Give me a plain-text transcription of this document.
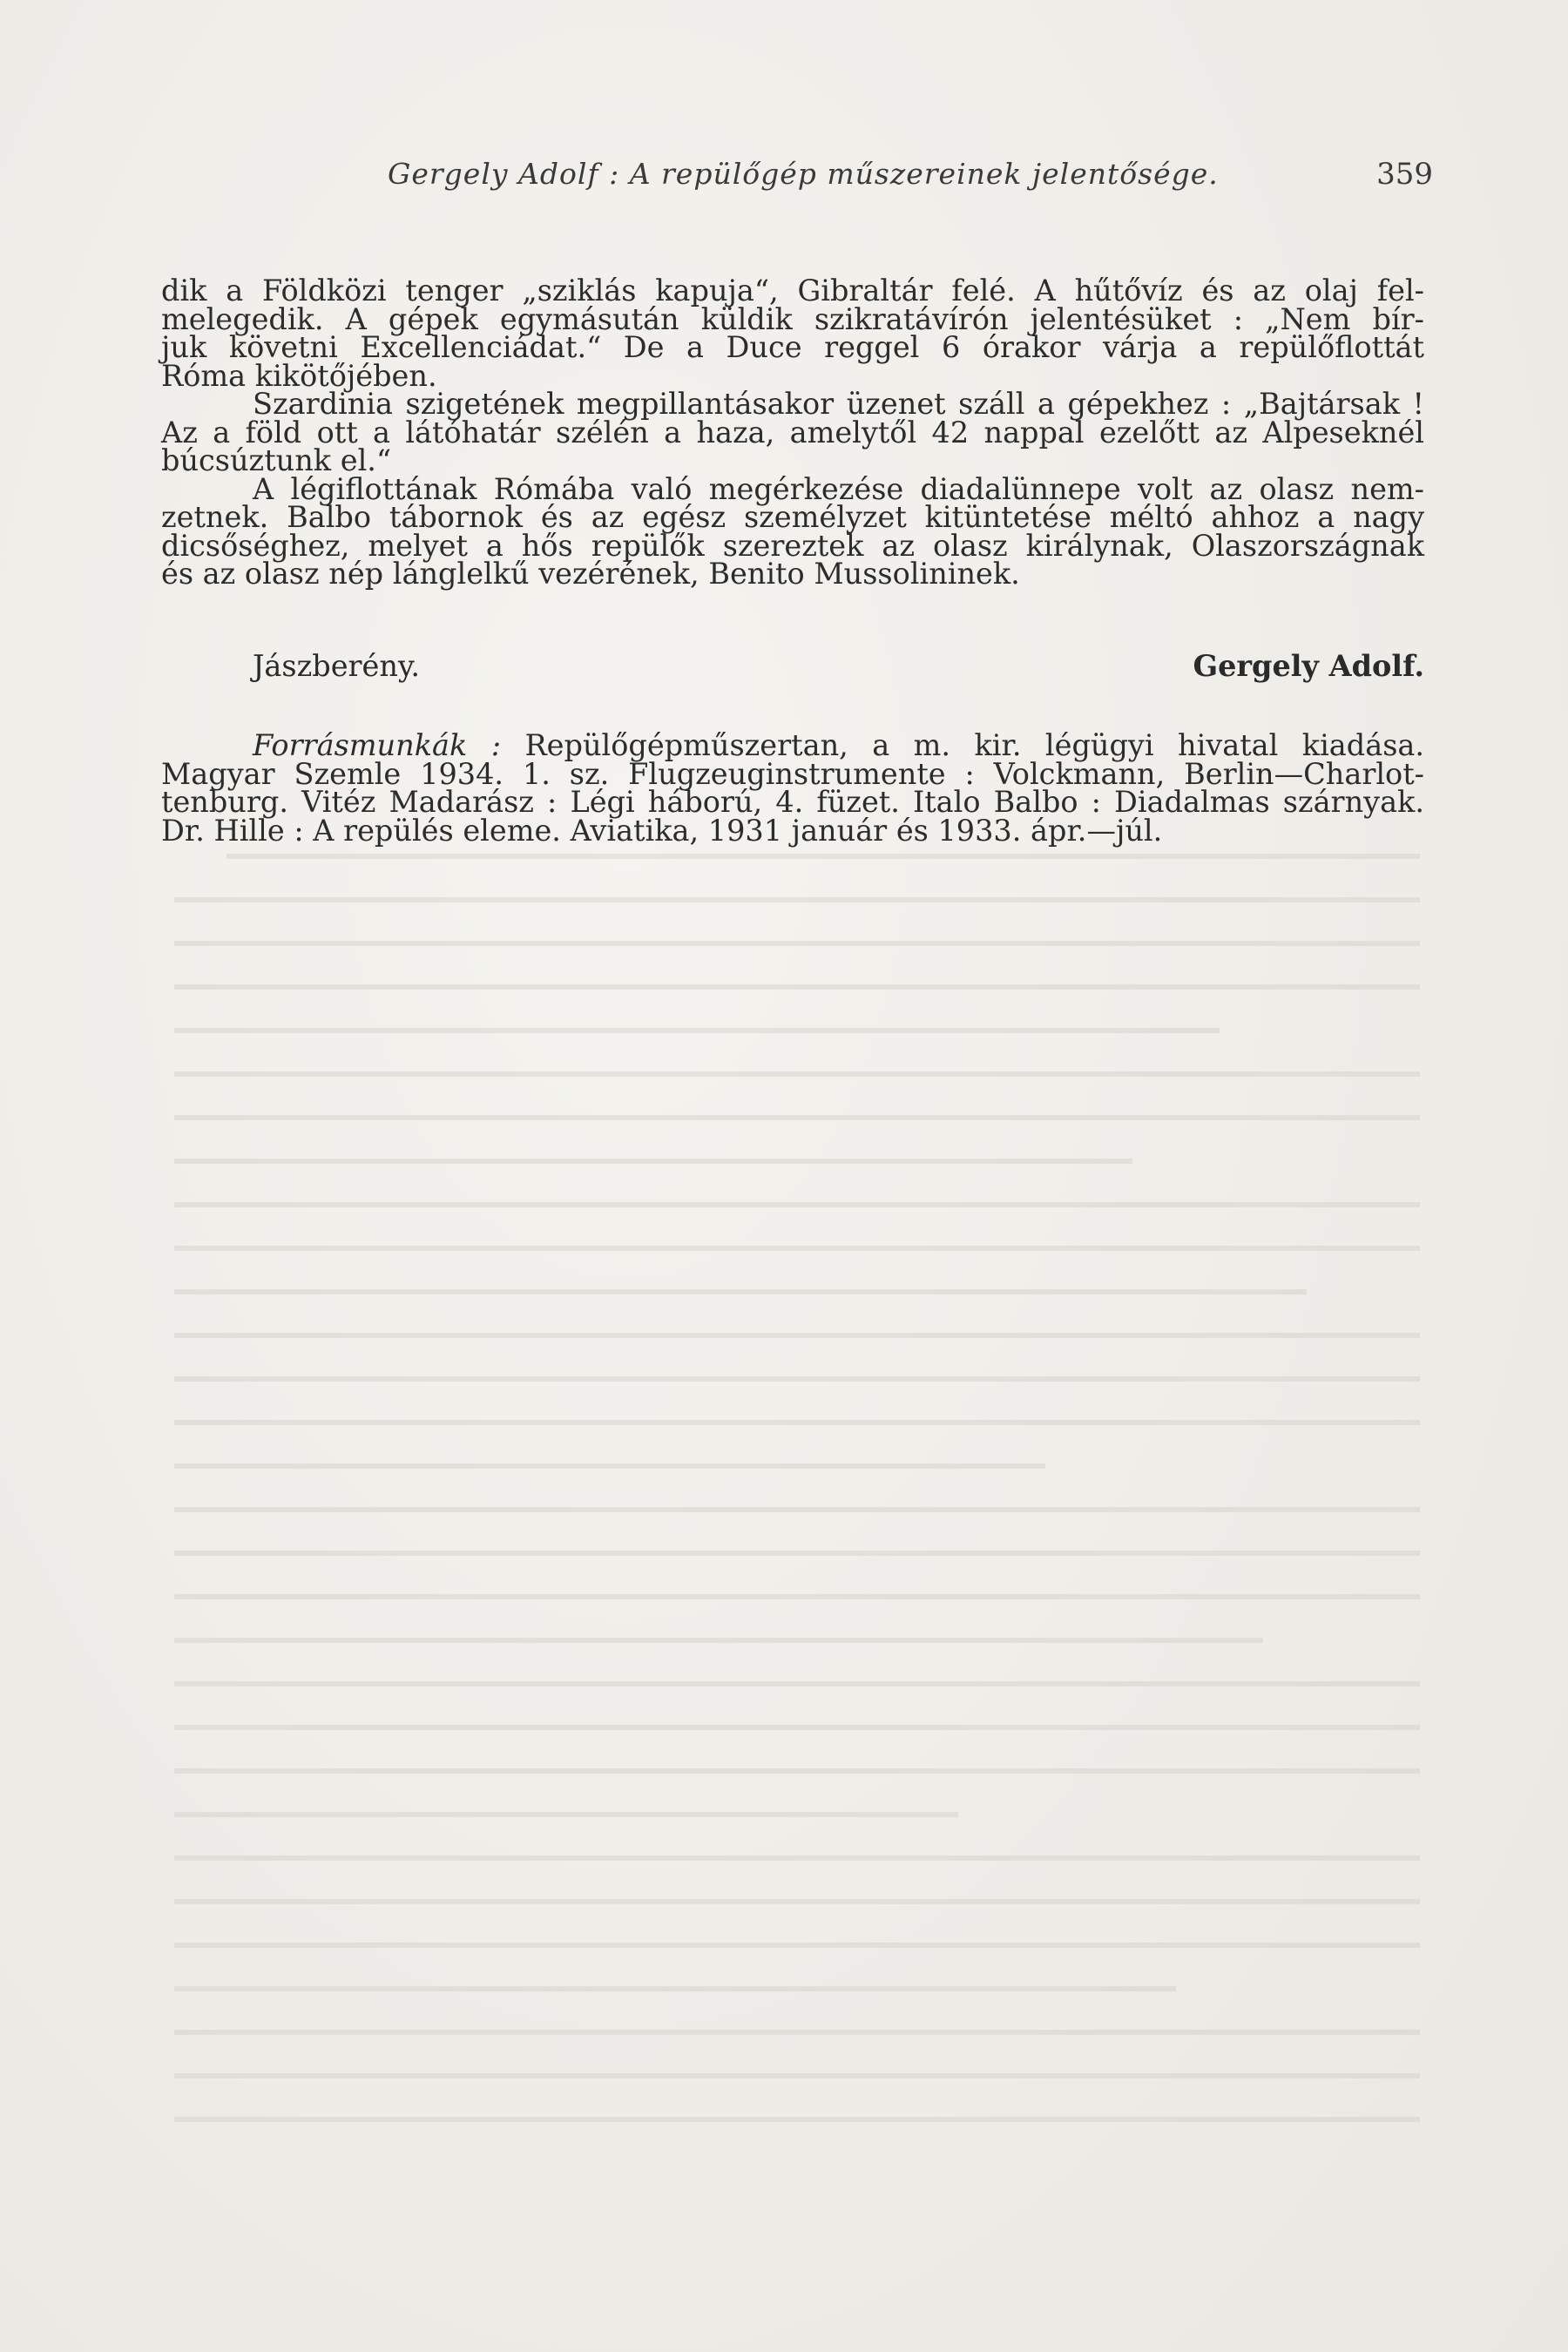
Gergely Adolf : A repülőgép műszereinek jelentősége.	359
dik a Földközi tenger „sziklás kapuja“, Gibraltár felé. A hűtővíz és az olaj fel-
melegedik. A gépek egymásután küldik szikratávírón jelentésüket : „Nem bír-
juk követni Excellenciádat.“ De a Duce reggel 6 órakor várja a repülőflottát
Róma kikötőjében.
Szardinia szigetének megpillantásakor üzenet száll a gépekhez : „Bajtársak !
Az a föld ott a látóhatár szélén a haza, amelytől 42 nappal ezelőtt az Alpeseknél
búcsúztunk el.“
A légiflottának Rómába való megérkezése diadalünnepe volt az olasz nem-
zetnek. Balbo tábornok és az egész személyzet kitüntetése méltó ahhoz a nagy
dicsőséghez, melyet a hős repülők szereztek az olasz királynak, Olaszországnak
és az olasz nép lánglelkű vezérének, Benito Mussolininek.
Jászberény.	Gergely Adolf.
Forrásmunkák : Repülőgépműszertan, a m. kir. légügyi hivatal kiadása.
Magyar Szemle 1934. 1. sz. Flugzeuginstrumente : Volckmann, Berlin—Charlot-
tenburg. Vitéz Madarász : Légi háború, 4. füzet. Italo Balbo : Diadalmas szárnyak.
Dr. Hille : A repülés eleme. Aviatika, 1931 január és 1933. ápr.—júl.
